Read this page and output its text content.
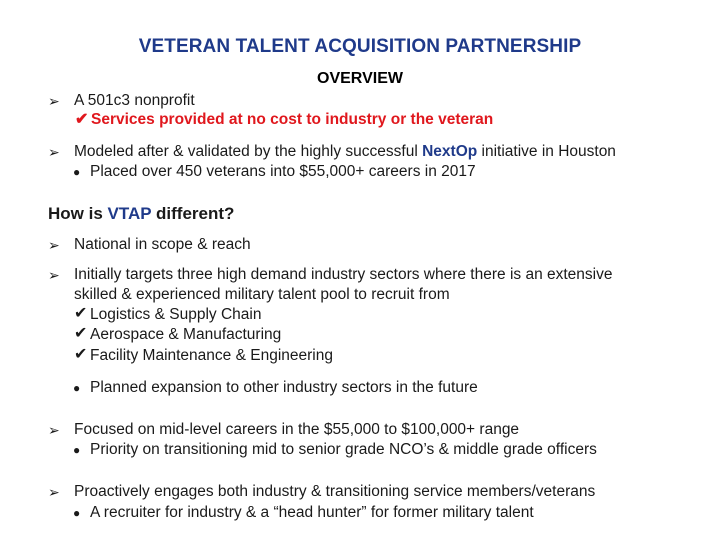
VETERAN TALENT ACQUISITION PARTNERSHIP
OVERVIEW
➢ A 501c3 nonprofit
✔ Services provided at no cost to industry or the veteran
➢ Modeled after & validated by the highly successful NextOp initiative in Houston
● Placed over 450 veterans into $55,000+ careers in 2017
How is VTAP different?
➢ National in scope & reach
➢ Initially targets three high demand industry sectors where there is an extensive
skilled & experienced military talent pool to recruit from
✔ Logistics & Supply Chain
✔ Aerospace & Manufacturing
✔ Facility Maintenance & Engineering
● Planned expansion to other industry sectors in the future
➢ Focused on mid-level careers in the $55,000 to $100,000+ range
● Priority on transitioning mid to senior grade NCO’s & middle grade officers
➢ Proactively engages both industry & transitioning service members/veterans
● A recruiter for industry & a “head hunter” for former military talent
